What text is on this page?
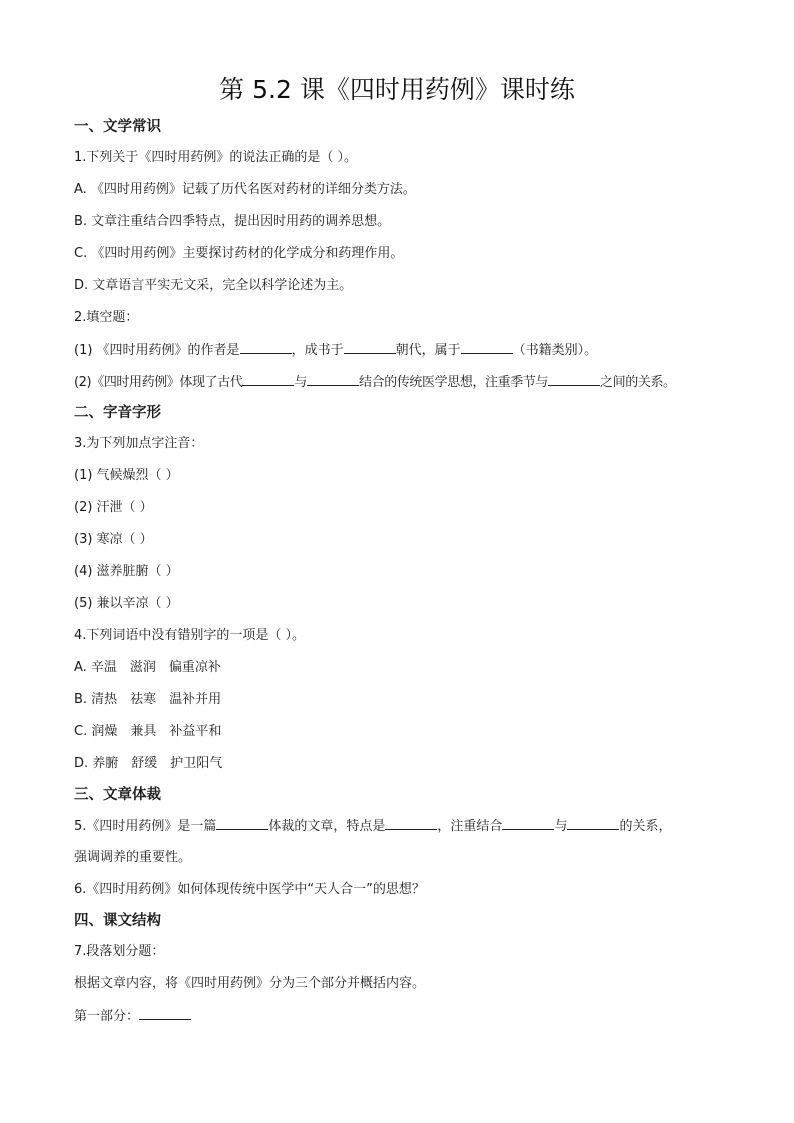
第 5.2 课《四时用药例》课时练
一、文学常识
1.下列关于《四时用药例》的说法正确的是（ ）。
A. 《四时用药例》记载了历代名医对药材的详细分类方法。
B. 文章注重结合四季特点，提出因时用药的调养思想。
C. 《四时用药例》主要探讨药材的化学成分和药理作用。
D. 文章语言平实无文采，完全以科学论述为主。
2.填空题：
(1) 《四时用药例》的作者是	，成书于	朝代，属于	（书籍类别）。
(2)《四时用药例》体现了古代	与	结合的传统医学思想，注重季节与	之间的关系。
二、字音字形
3.为下列加点字注音：
(1) 气候燥烈（ ）
(2) 汗泄（ ）
(3) 寒凉（ ）
(4) 滋养脏腑（ ）
(5) 兼以辛凉（ ）
4.下列词语中没有错别字的一项是（ ）。
A. 辛温　滋润　偏重凉补
B. 清热　祛寒　温补并用
C. 润燥　兼具　补益平和
D. 养腑　舒缓　护卫阳气
三、文章体裁
5.《四时用药例》是一篇	体裁的文章，特点是	，注重结合	与	的关系，
强调调养的重要性。
6.《四时用药例》如何体现传统中医学中“天人合一”的思想？
四、课文结构
7.段落划分题：
根据文章内容，将《四时用药例》分为三个部分并概括内容。
第一部分：
